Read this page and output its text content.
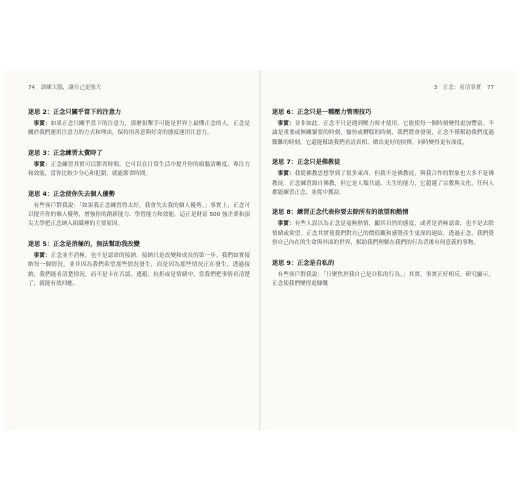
74 訓練大腦，讓自己更強大
迷思 2：正念只關乎當下的注意力
事實：如果正念只關乎當下的注意力，那麼狙擊手可能是世界上最懂正念的人。正念是關於我們運用注意力的方式和理由，保持用善意與好奇的態度運用注意力。
迷思 3：正念練習太費時了
事實：正念練習其實可以節省時間。它可以在日常生活中提升你的頭腦清晰度、專注力和效能，當你比較少分心和犯錯，就能節省時間。
迷思 4：正念使你失去個人優勢
有些客戶對我說：「如果我正念練習得太好，我會失去我的個人優勢。」事實上，正念可以提升你的個人優勢，增強你的創新能力、學習能力和效能，這正是財富 500 強企業和頂尖大學把正念納入組織裡的主要原因。
迷思 5：正念是消極的，無法幫助我改變
事實：正念並不消極，也不是認命的接納。接納只是改變和成長的第一步。我們如實接納每一個情況，並非因為我們希望那些情況發生，而是因為那些情況正在發生。透過接納，我們能看清楚情況，而不是卡在否認、逃避、抗拒或是情緒中，當我們把事情看清楚了，就能有效回應。
3　正念：看清事實 77
迷思 6：正念只是一種壓力管理技巧
事實：並非如此。正念不只是遇到壓力時才使用，它能使每一個時刻變得更加豐富。不論是重要或無關緊要的時刻，愉快或糟糕的時刻，我們將會發現，正念不僅幫助我們度過艱難的時刻，它還能幫助我們看清真相、做出更好的抉擇，同時變得更有深度。
迷思 7：正念只是佛教徒
事實：我從佛教思想學到了很多東西，但我不是佛教徒，與我合作的對象也大多不是佛教徒。正念練習源自佛教，但它是人類共通、天生的能力，它超越了宗教與文化，任何人都能練習正念，並從中獲益。
迷思 8：練習正念代表你要去除所有的欲望和熱情
事實：有些人誤以為正念是毫無熱情，顯其自然的態度，或者是消極認命，也不是去除情緒或欲望。正念其實使我們對自己的價值觀和感覺產生更深的連結，透過正念，我們覺察自己內在的生命與外面的世界，幫助我們理解在我們的行為背後有何意義的事物。
迷思 9：正念是自私的
有些客戶對我說：「只聚焦於我自己是自私的行為。」其實，事實正好相反。研究顯示，正念使我們變得更慷慨
